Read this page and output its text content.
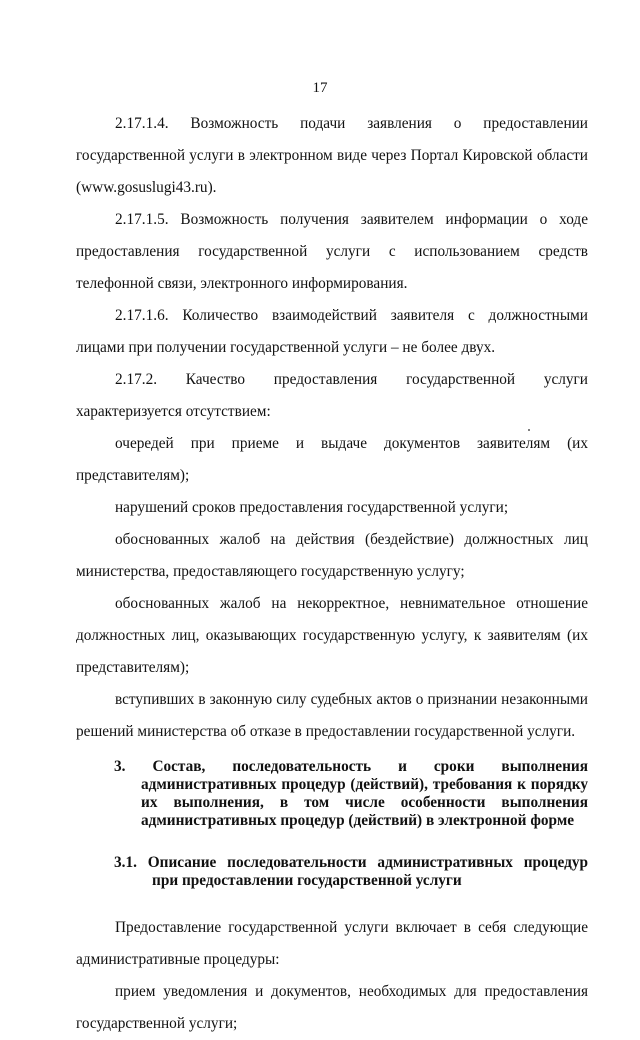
17

2.17.1.4. Возможность подачи заявления о предоставлении государственной услуги в электронном виде через Портал Кировской области (www.gosuslugi43.ru).

2.17.1.5. Возможность получения заявителем информации о ходе предоставления государственной услуги с использованием средств телефонной связи, электронного информирования.

2.17.1.6. Количество взаимодействий заявителя с должностными лицами при получении государственной услуги – не более двух.

2.17.2. Качество предоставления государственной услуги характеризуется отсутствием:

очередей при приеме и выдаче документов заявителям (их представителям);

нарушений сроков предоставления государственной услуги;

обоснованных жалоб на действия (бездействие) должностных лиц министерства, предоставляющего государственную услугу;

обоснованных жалоб на некорректное, невнимательное отношение должностных лиц, оказывающих государственную услугу, к заявителям (их представителям);

вступивших в законную силу судебных актов о признании незаконными решений министерства об отказе в предоставлении государственной услуги.

3. Состав, последовательность и сроки выполнения административных процедур (действий), требования к порядку их выполнения, в том числе особенности выполнения административных процедур (действий) в электронной форме
3.1. Описание последовательности административных процедур при предоставлении государственной услуги

Предоставление государственной услуги включает в себя следующие административные процедуры:

прием уведомления и документов, необходимых для предоставления государственной услуги;
